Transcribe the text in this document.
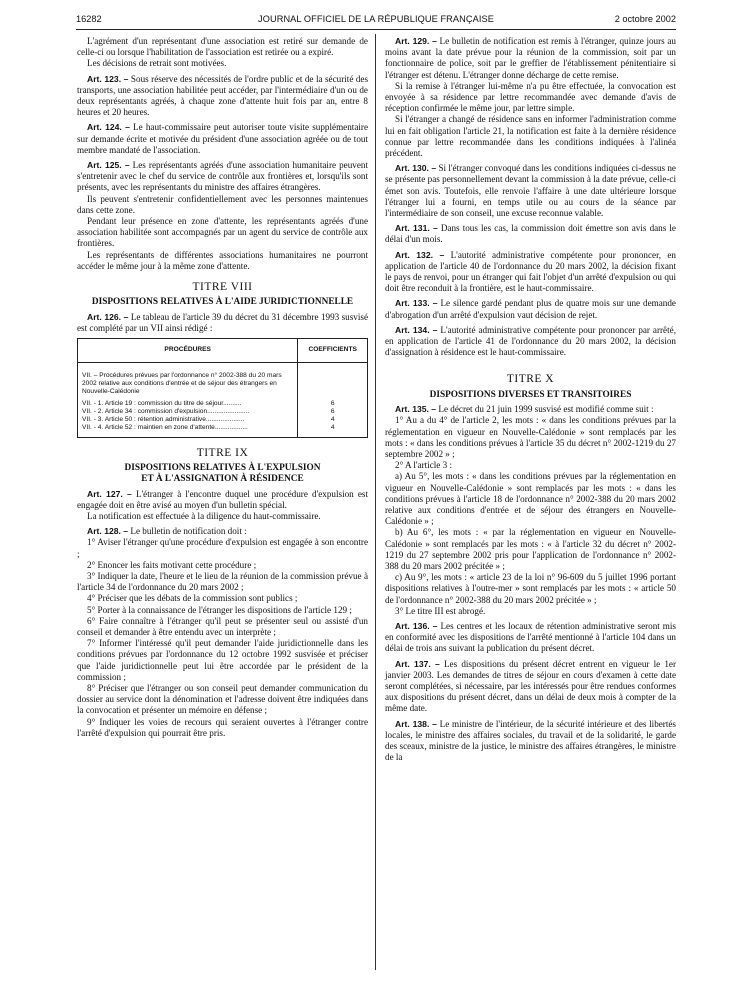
16282	JOURNAL OFFICIEL DE LA RÉPUBLIQUE FRANÇAISE	2 octobre 2002

L'agrément d'un représentant d'une association est retiré sur demande de celle-ci ou lorsque l'habilitation de l'association est retirée ou a expiré.

Les décisions de retrait sont motivées.

Art. 123. – Sous réserve des nécessités de l'ordre public et de la sécurité des transports, une association habilitée peut accéder, par l'intermédiaire d'un ou de deux représentants agréés, à chaque zone d'attente huit fois par an, entre 8 heures et 20 heures.

Art. 124. – Le haut-commissaire peut autoriser toute visite supplémentaire sur demande écrite et motivée du président d'une association agréée ou de tout membre mandaté de l'association.

Art. 125. – Les représentants agréés d'une association humanitaire peuvent s'entretenir avec le chef du service de contrôle aux frontières et, lorsqu'ils sont présents, avec les représentants du ministre des affaires étrangères.

Ils peuvent s'entretenir confidentiellement avec les personnes maintenues dans cette zone.

Pendant leur présence en zone d'attente, les représentants agréés d'une association habilitée sont accompagnés par un agent du service de contrôle aux frontières.

Les représentants de différentes associations humanitaires ne pourront accéder le même jour à la même zone d'attente.

TITRE VIII
DISPOSITIONS RELATIVES À L'AIDE JURIDICTIONNELLE

Art. 126. – Le tableau de l'article 39 du décret du 31 décembre 1993 susvisé est complété par un VII ainsi rédigé :

PROCÉDURES	COEFFICIENTS
VII. – Procédures prévues par l'ordonnance n° 2002-388 du 20 mars 2002 relative aux conditions d'entrée et de séjour des étrangers en Nouvelle-Calédonie	
VII. - 1. Article 19 : commission du titre de séjour..........	6
VII. - 2. Article 34 : commission d'expulsion.......................	6
VII. - 3. Article 50 : rétention administrative.....................	4
VII. - 4. Article 52 : maintien en zone d'attente..................	4
TITRE IX
DISPOSITIONS RELATIVES À L'EXPULSION
ET À L'ASSIGNATION À RÉSIDENCE

Art. 127. – L'étranger à l'encontre duquel une procédure d'expulsion est engagée doit en être avisé au moyen d'un bulletin spécial.

La notification est effectuée à la diligence du haut-commissaire.

Art. 128. – Le bulletin de notification doit :

1° Aviser l'étranger qu'une procédure d'expulsion est engagée à son encontre ;

2° Enoncer les faits motivant cette procédure ;

3° Indiquer la date, l'heure et le lieu de la réunion de la commission prévue à l'article 34 de l'ordonnance du 20 mars 2002 ;

4° Préciser que les débats de la commission sont publics ;

5° Porter à la connaissance de l'étranger les dispositions de l'article 129 ;

6° Faire connaître à l'étranger qu'il peut se présenter seul ou assisté d'un conseil et demander à être entendu avec un interprète ;

7° Informer l'intéressé qu'il peut demander l'aide juridictionnelle dans les conditions prévues par l'ordonnance du 12 octobre 1992 susvisée et préciser que l'aide juridictionnelle peut lui être accordée par le président de la commission ;

8° Préciser que l'étranger ou son conseil peut demander communication du dossier au service dont la dénomination et l'adresse doivent être indiquées dans la convocation et présenter un mémoire en défense ;

9° Indiquer les voies de recours qui seraient ouvertes à l'étranger contre l'arrêté d'expulsion qui pourrait être pris.

Art. 129. – Le bulletin de notification est remis à l'étranger, quinze jours au moins avant la date prévue pour la réunion de la commission, soit par un fonctionnaire de police, soit par le greffier de l'établissement pénitentiaire si l'étranger est détenu. L'étranger donne décharge de cette remise.

Si la remise à l'étranger lui-même n'a pu être effectuée, la convocation est envoyée à sa résidence par lettre recommandée avec demande d'avis de réception confirmée le même jour, par lettre simple.

Si l'étranger a changé de résidence sans en informer l'administration comme lui en fait obligation l'article 21, la notification est faite à la dernière résidence connue par lettre recommandée dans les conditions indiquées à l'alinéa précédent.

Art. 130. – Si l'étranger convoqué dans les conditions indiquées ci-dessus ne se présente pas personnellement devant la commission à la date prévue, celle-ci émet son avis. Toutefois, elle renvoie l'affaire à une date ultérieure lorsque l'étranger lui a fourni, en temps utile ou au cours de la séance par l'intermédiaire de son conseil, une excuse reconnue valable.

Art. 131. – Dans tous les cas, la commission doit émettre son avis dans le délai d'un mois.

Art. 132. – L'autorité administrative compétente pour prononcer, en application de l'article 40 de l'ordonnance du 20 mars 2002, la décision fixant le pays de renvoi, pour un étranger qui fait l'objet d'un arrêté d'expulsion ou qui doit être reconduit à la frontière, est le haut-commissaire.

Art. 133. – Le silence gardé pendant plus de quatre mois sur une demande d'abrogation d'un arrêté d'expulsion vaut décision de rejet.

Art. 134. – L'autorité administrative compétente pour prononcer par arrêté, en application de l'article 41 de l'ordonnance du 20 mars 2002, la décision d'assignation à résidence est le haut-commissaire.

TITRE X
DISPOSITIONS DIVERSES ET TRANSITOIRES

Art. 135. – Le décret du 21 juin 1999 susvisé est modifié comme suit :

1° Au a du 4° de l'article 2, les mots : « dans les conditions prévues par la réglementation en vigueur en Nouvelle-Calédonie » sont remplacés par les mots : « dans les conditions prévues à l'article 35 du décret n° 2002-1219 du 27 septembre 2002 » ;

2° A l'article 3 :

a) Au 5°, les mots : « dans les conditions prévues par la réglementation en vigueur en Nouvelle-Calédonie » sont remplacés par les mots : « dans les conditions prévues à l'article 18 de l'ordonnance n° 2002-388 du 20 mars 2002 relative aux conditions d'entrée et de séjour des étrangers en Nouvelle-Calédonie » ;

b) Au 6°, les mots : « par la réglementation en vigueur en Nouvelle-Calédonie » sont remplacés par les mots : « à l'article 32 du décret n° 2002-1219 du 27 septembre 2002 pris pour l'application de l'ordonnance n° 2002-388 du 20 mars 2002 précitée » ;

c) Au 9°, les mots : « article 23 de la loi n° 96-609 du 5 juillet 1996 portant dispositions relatives à l'outre-mer » sont remplacés par les mots : « article 50 de l'ordonnance n° 2002-388 du 20 mars 2002 précitée » ;

3° Le titre III est abrogé.

Art. 136. – Les centres et les locaux de rétention administrative seront mis en conformité avec les dispositions de l'arrêté mentionné à l'article 104 dans un délai de trois ans suivant la publication du présent décret.

Art. 137. – Les dispositions du présent décret entrent en vigueur le 1er janvier 2003. Les demandes de titres de séjour en cours d'examen à cette date seront complétées, si nécessaire, par les intéressés pour être rendues conformes aux dispositions du présent décret, dans un délai de deux mois à compter de la même date.

Art. 138. – Le ministre de l'intérieur, de la sécurité intérieure et des libertés locales, le ministre des affaires sociales, du travail et de la solidarité, le garde des sceaux, ministre de la justice, le ministre des affaires étrangères, le ministre de la
